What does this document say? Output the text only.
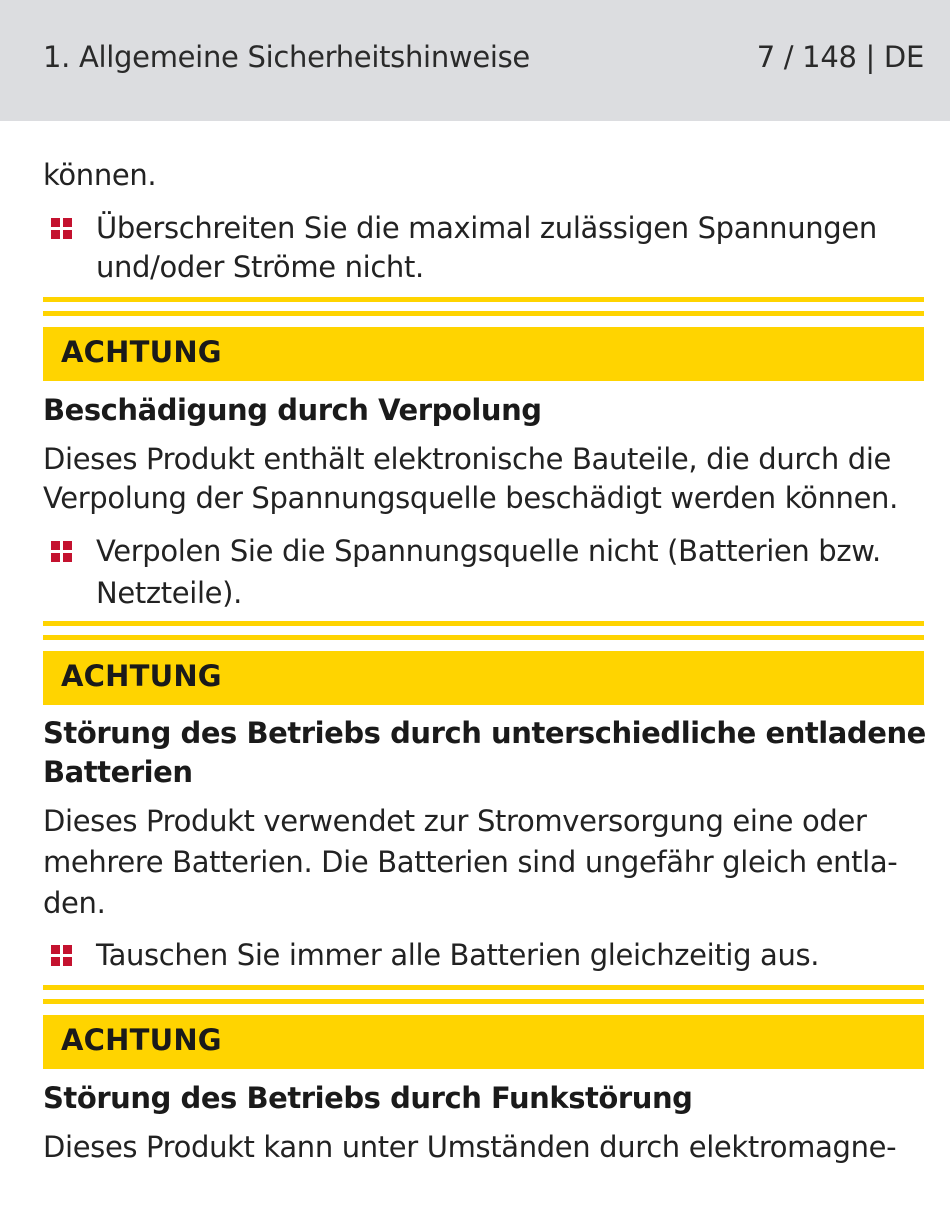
1. Allgemeine Sicherheitshinweise	7 / 148 | DE
können.
Überschreiten Sie die maximal zulässigen Spannungen
und/oder Ströme nicht.
ACHTUNG
Beschädigung durch Verpolung
Dieses Produkt enthält elektronische Bauteile, die durch die
Verpolung der Spannungsquelle beschädigt werden können.
Verpolen Sie die Spannungsquelle nicht (Batterien bzw.
Netzteile).
ACHTUNG
Störung des Betriebs durch unterschiedliche entladene
Batterien
Dieses Produkt verwendet zur Stromversorgung eine oder
mehrere Batterien. Die Batterien sind ungefähr gleich entla-
den.
Tauschen Sie immer alle Batterien gleichzeitig aus.
ACHTUNG
Störung des Betriebs durch Funkstörung
Dieses Produkt kann unter Umständen durch elektromagne-
